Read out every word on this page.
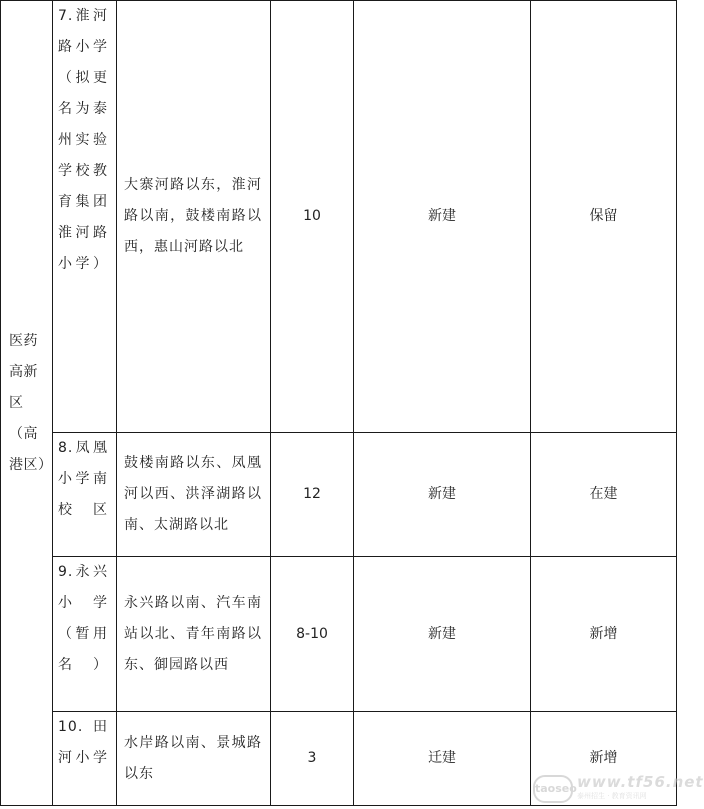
医药高新区（高港区）	7.淮河路小学（拟更名为泰州实验学校教育集团淮河路小学）	大寨河路以东，淮河路以南，鼓楼南路以西，惠山河路以北	10	新建	保留

	8.凤凰小学南校区	鼓楼南路以东、凤凰河以西、洪泽湖路以南、太湖路以北	12	新建	在建

	9.永兴小学（暂用名）	永兴路以南、汽车南站以北、青年南路以东、御园路以西	8-10	新建	新增

	10. 田河小学	水岸路以南、景城路以东	3	迁建	新增
taoseo www.tf56.net
泰州招生 · 教育资讯网
